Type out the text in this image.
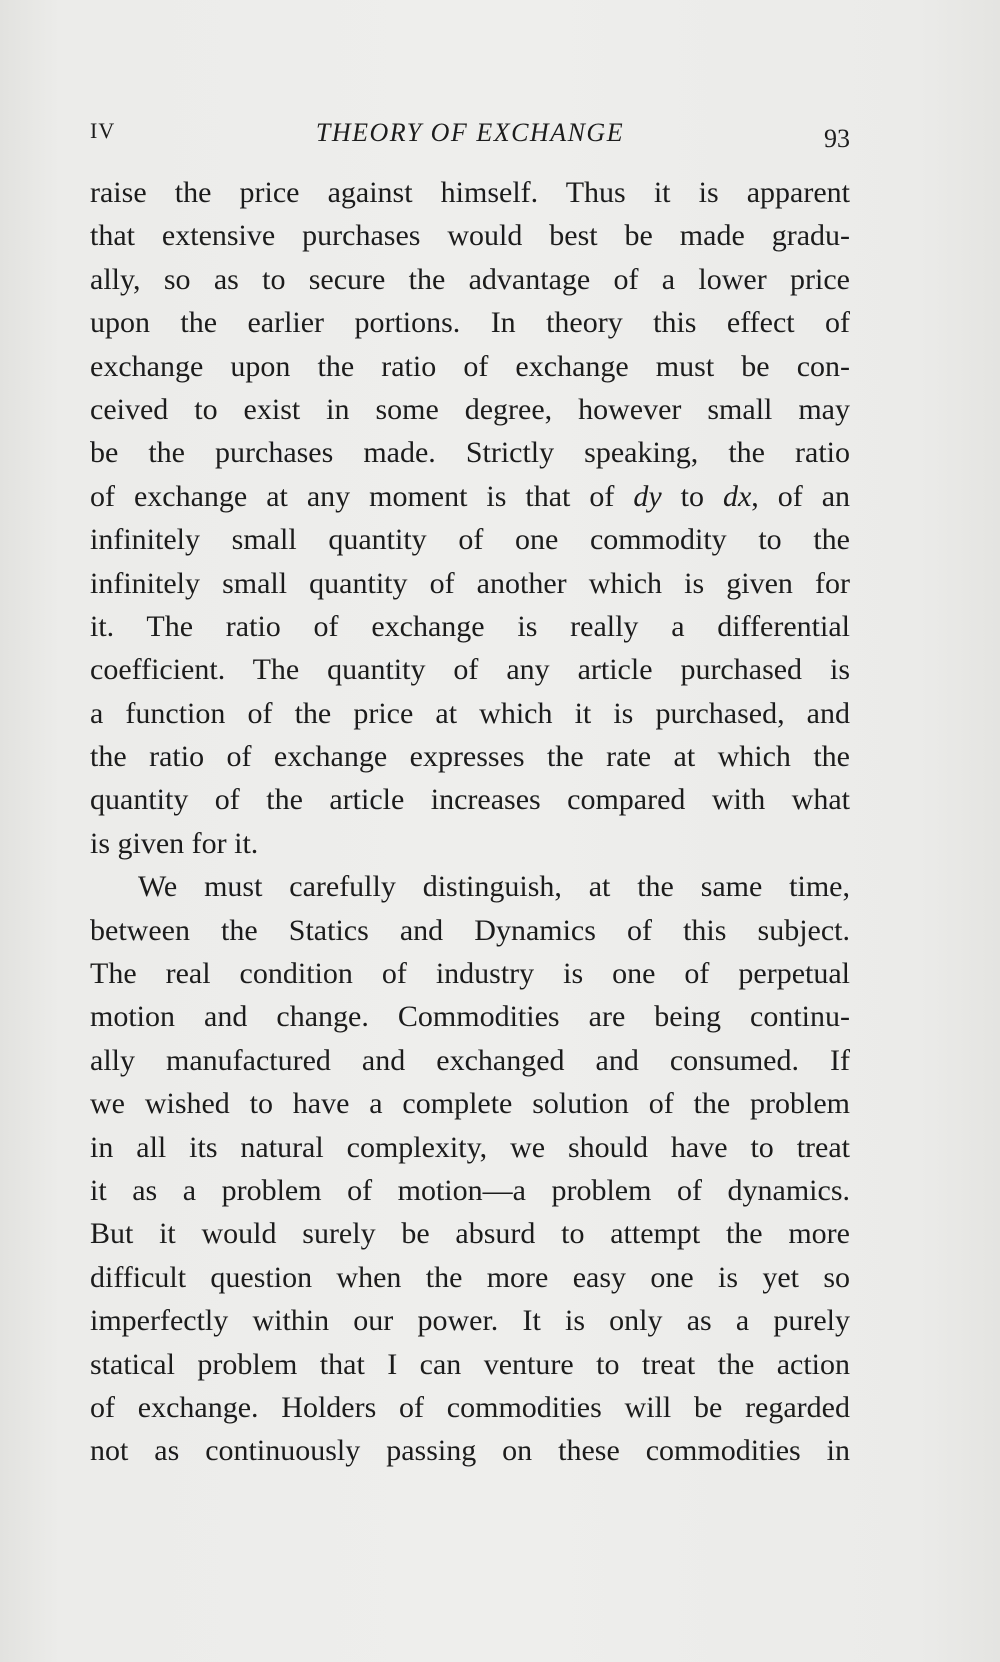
IV	THEORY OF EXCHANGE	93
raise the price against himself. Thus it is apparent
that extensive purchases would best be made gradu-
ally, so as to secure the advantage of a lower price
upon the earlier portions. In theory this effect of
exchange upon the ratio of exchange must be con-
ceived to exist in some degree, however small may
be the purchases made. Strictly speaking, the ratio
of exchange at any moment is that of dy to dx, of an
infinitely small quantity of one commodity to the
infinitely small quantity of another which is given for
it. The ratio of exchange is really a differential
coefficient. The quantity of any article purchased is
a function of the price at which it is purchased, and
the ratio of exchange expresses the rate at which the
quantity of the article increases compared with what
is given for it.
We must carefully distinguish, at the same time,
between the Statics and Dynamics of this subject.
The real condition of industry is one of perpetual
motion and change. Commodities are being continu-
ally manufactured and exchanged and consumed. If
we wished to have a complete solution of the problem
in all its natural complexity, we should have to treat
it as a problem of motion—a problem of dynamics.
But it would surely be absurd to attempt the more
difficult question when the more easy one is yet so
imperfectly within our power. It is only as a purely
statical problem that I can venture to treat the action
of exchange. Holders of commodities will be regarded
not as continuously passing on these commodities in
